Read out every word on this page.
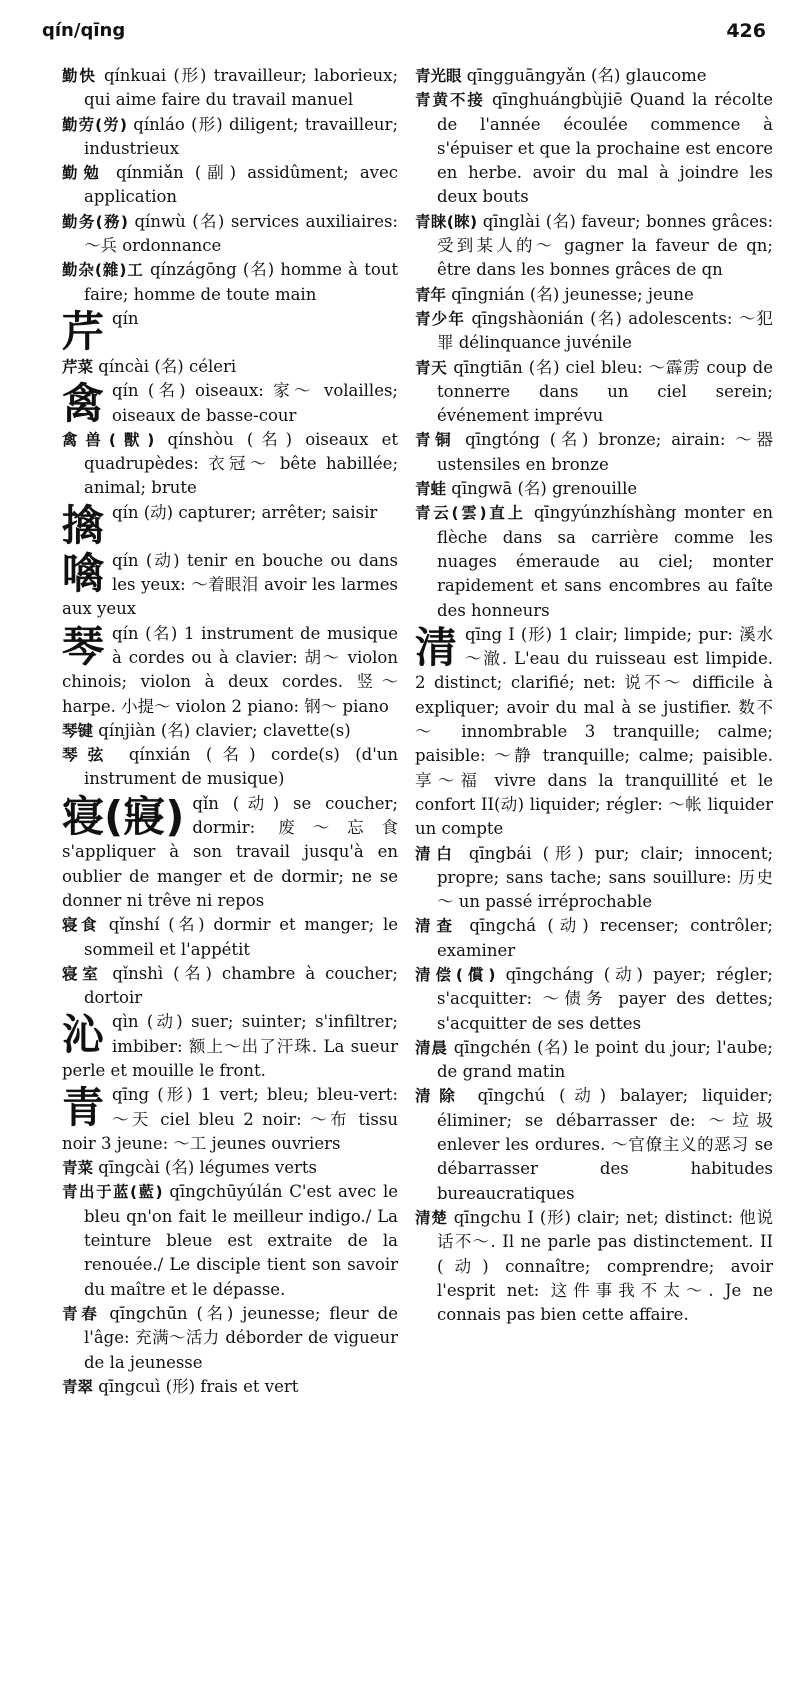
qín/qīng	426

勤快 qínkuai (形) travailleur; laborieux; qui aime faire du travail manuel

勤劳(労) qínláo (形) diligent; travailleur; industrieux

勤勉 qínmiǎn (副) assidûment; avec application

勤务(務) qínwù (名) services auxiliaires: ～兵 ordonnance

勤杂(雜)工 qínzágōng (名) homme à tout faire; homme de toute main

芹qín

芹菜 qíncài (名) céleri

禽qín (名) oiseaux: 家～ volailles; oiseaux de basse-cour

禽兽(獸) qínshòu (名) oiseaux et quadrupèdes: 衣冠～ bête habillée; animal; brute

擒qín (动) capturer; arrêter; saisir

噙qín (动) tenir en bouche ou dans les yeux: ～着眼泪 avoir les larmes aux yeux

琴qín (名) 1 instrument de musique à cordes ou à clavier: 胡～ violon chinois; violon à deux cordes. 竖～ harpe. 小提～ violon 2 piano: 钢～ piano

琴键 qínjiàn (名) clavier; clavette(s)

琴弦 qínxián (名) corde(s) (d'un instrument de musique)

寝(寢) qǐn (动) se coucher; dormir: 废～忘食 s'appliquer à son travail jusqu'à en oublier de manger et de dormir; ne se donner ni trêve ni repos

寝食 qǐnshí (名) dormir et manger; le sommeil et l'appétit

寝室 qǐnshì (名) chambre à coucher; dortoir

沁qìn (动) suer; suinter; s'infiltrer; imbiber: 额上～出了汗珠. La sueur perle et mouille le front.

青qīng (形) 1 vert; bleu; bleu-vert: ～天 ciel bleu 2 noir: ～布 tissu noir 3 jeune: ～工 jeunes ouvriers

青菜 qīngcài (名) légumes verts

青出于蓝(藍) qīngchūyúlán C'est avec le bleu qn'on fait le meilleur indigo./ La teinture bleue est extraite de la renouée./ Le disciple tient son savoir du maître et le dépasse.

青春 qīngchūn (名) jeunesse; fleur de l'âge: 充满～活力 déborder de vigueur de la jeunesse

青翠 qīngcuì (形) frais et vert

青光眼 qīngguāngyǎn (名) glaucome

青黄不接 qīnghuángbùjiē Quand la récolte de l'année écoulée commence à s'épuiser et que la prochaine est encore en herbe. avoir du mal à joindre les deux bouts

青睐(睞) qīnglài (名) faveur; bonnes grâces: 受到某人的～ gagner la faveur de qn; être dans les bonnes grâces de qn

青年 qīngnián (名) jeunesse; jeune

青少年 qīngshàonián (名) adolescents: ～犯罪 délinquance juvénile

青天 qīngtiān (名) ciel bleu: ～霹雳 coup de tonnerre dans un ciel serein; événement imprévu

青铜 qīngtóng (名) bronze; airain: ～器 ustensiles en bronze

青蛙 qīngwā (名) grenouille

青云(雲)直上 qīngyúnzhíshàng monter en flèche dans sa carrière comme les nuages émeraude au ciel; monter rapidement et sans encombres au faîte des honneurs

清qīng I (形) 1 clair; limpide; pur: 溪水～澈. L'eau du ruisseau est limpide. 2 distinct; clarifié; net: 说不～ difficile à expliquer; avoir du mal à se justifier. 数不～ innombrable 3 tranquille; calme; paisible: ～静 tranquille; calme; paisible. 享～福 vivre dans la tranquillité et le confort II(动) liquider; régler: ～帐 liquider un compte

清白 qīngbái (形) pur; clair; innocent; propre; sans tache; sans souillure: 历史～ un passé irréprochable

清查 qīngchá (动) recenser; contrôler; examiner

清偿(償) qīngcháng (动) payer; régler; s'acquitter: ～债务 payer des dettes; s'acquitter de ses dettes

清晨 qīngchén (名) le point du jour; l'aube; de grand matin

清除 qīngchú (动) balayer; liquider; éliminer; se débarrasser de: ～垃圾 enlever les ordures. ～官僚主义的恶习 se débarrasser des habitudes bureaucratiques

清楚 qīngchu I (形) clair; net; distinct: 他说话不～. Il ne parle pas distinctement. II (动) connaître; comprendre; avoir l'esprit net: 这件事我不太～. Je ne connais pas bien cette affaire.
